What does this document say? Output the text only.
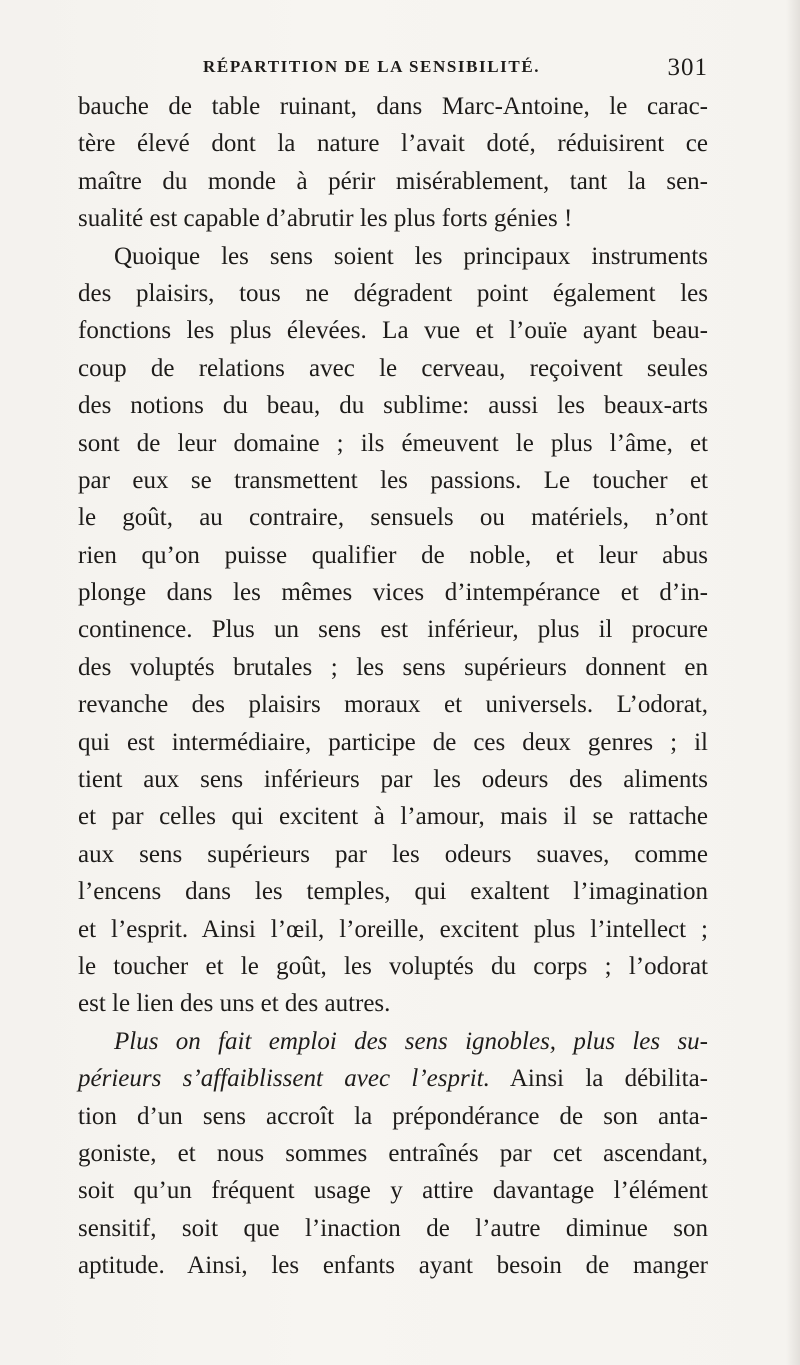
RÉPARTITION DE LA SENSIBILITÉ.	301
bauche de table ruinant, dans Marc-Antoine, le carac-
tère élevé dont la nature l’avait doté, réduisirent ce
maître du monde à périr misérablement, tant la sen-
sualité est capable d’abrutir les plus forts génies !
Quoique les sens soient les principaux instruments
des plaisirs, tous ne dégradent point également les
fonctions les plus élevées. La vue et l’ouïe ayant beau-
coup de relations avec le cerveau, reçoivent seules
des notions du beau, du sublime: aussi les beaux-arts
sont de leur domaine ; ils émeuvent le plus l’âme, et
par eux se transmettent les passions. Le toucher et
le goût, au contraire, sensuels ou matériels, n’ont
rien qu’on puisse qualifier de noble, et leur abus
plonge dans les mêmes vices d’intempérance et d’in-
continence. Plus un sens est inférieur, plus il procure
des voluptés brutales ; les sens supérieurs donnent en
revanche des plaisirs moraux et universels. L’odorat,
qui est intermédiaire, participe de ces deux genres ; il
tient aux sens inférieurs par les odeurs des aliments
et par celles qui excitent à l’amour, mais il se rattache
aux sens supérieurs par les odeurs suaves, comme
l’encens dans les temples, qui exaltent l’imagination
et l’esprit. Ainsi l’œil, l’oreille, excitent plus l’intellect ;
le toucher et le goût, les voluptés du corps ; l’odorat
est le lien des uns et des autres.
Plus on fait emploi des sens ignobles, plus les su-
périeurs s’affaiblissent avec l’esprit. Ainsi la débilita-
tion d’un sens accroît la prépondérance de son anta-
goniste, et nous sommes entraînés par cet ascendant,
soit qu’un fréquent usage y attire davantage l’élément
sensitif, soit que l’inaction de l’autre diminue son
aptitude. Ainsi, les enfants ayant besoin de manger
